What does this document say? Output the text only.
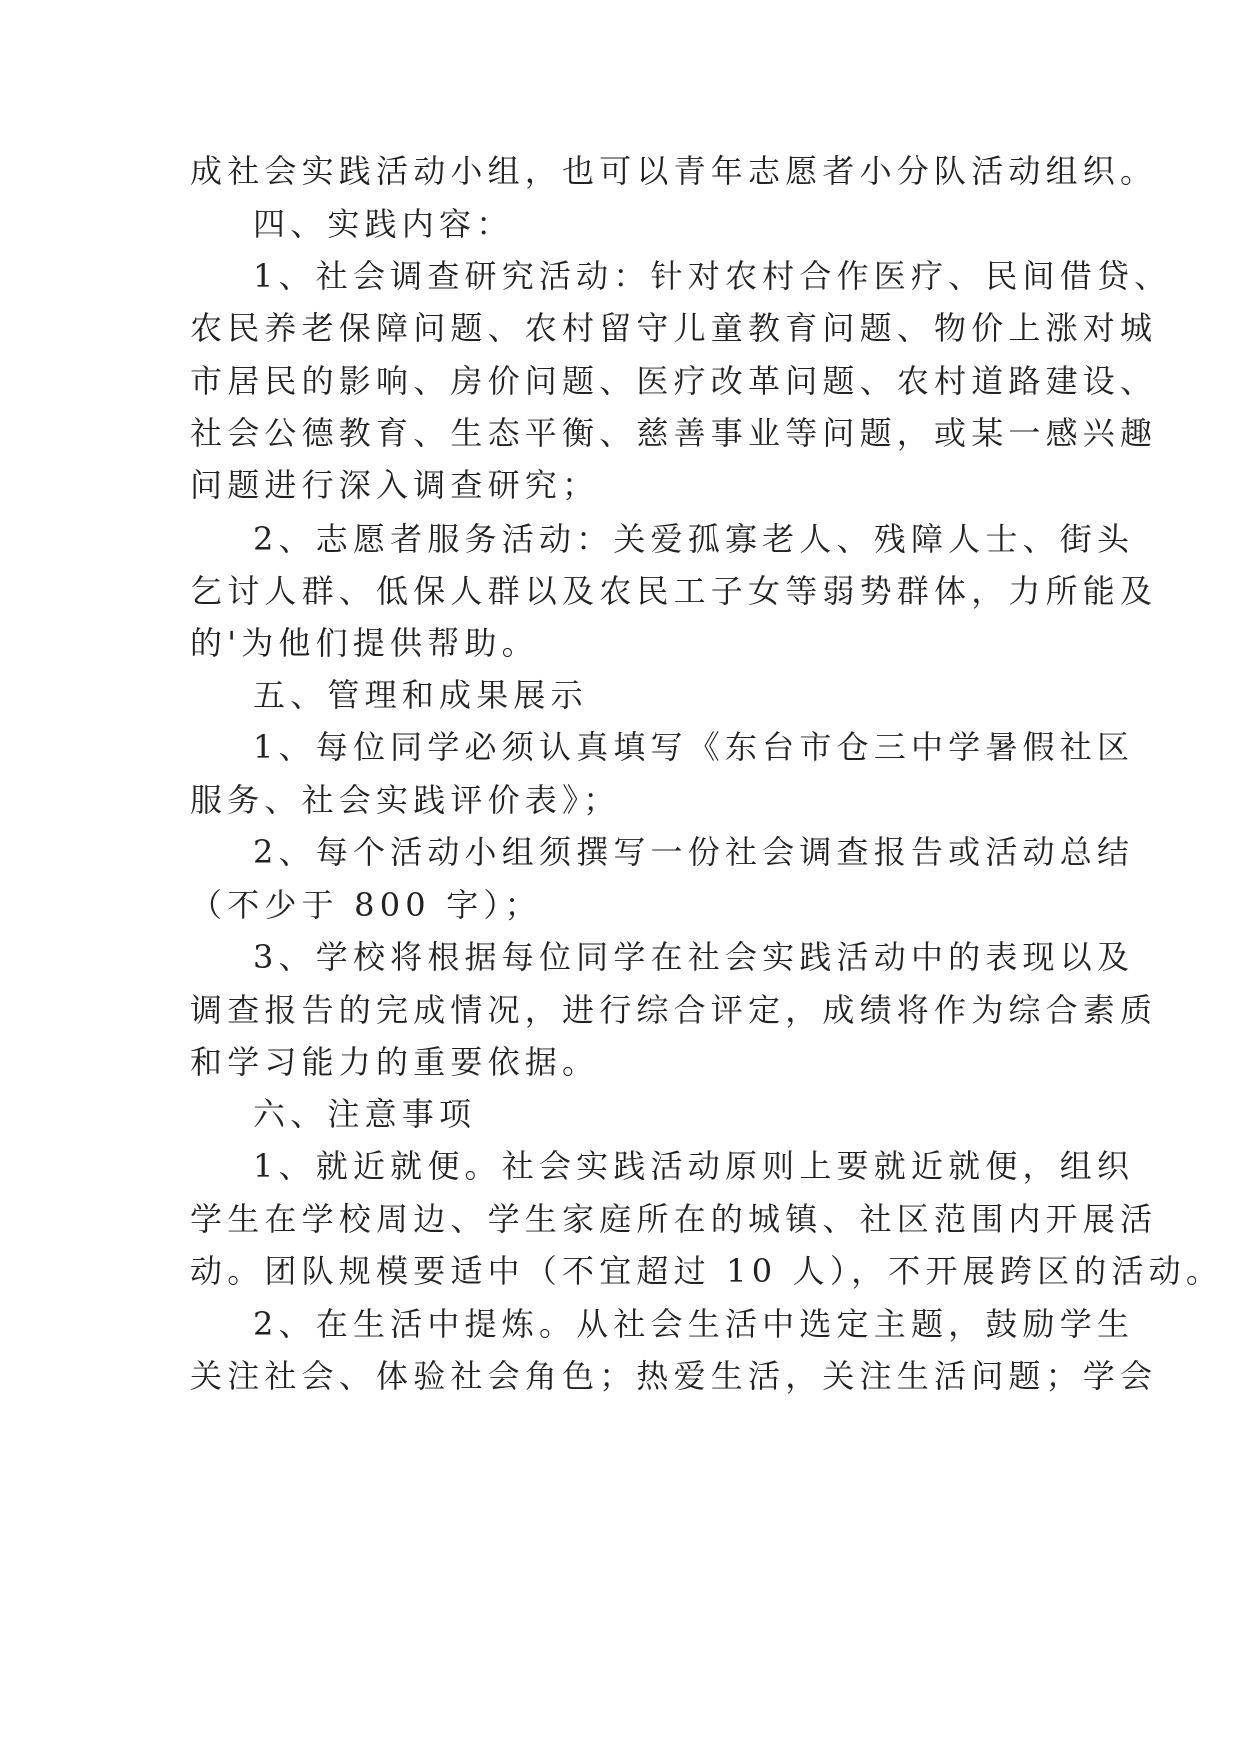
成社会实践活动小组，也可以青年志愿者小分队活动组织。
四、实践内容：
1、社会调查研究活动：针对农村合作医疗、民间借贷、
农民养老保障问题、农村留守儿童教育问题、物价上涨对城
市居民的影响、房价问题、医疗改革问题、农村道路建设、
社会公德教育、生态平衡、慈善事业等问题，或某一感兴趣
问题进行深入调查研究；
2、志愿者服务活动：关爱孤寡老人、残障人士、街头
乞讨人群、低保人群以及农民工子女等弱势群体，力所能及
的'为他们提供帮助。
五、管理和成果展示
1、每位同学必须认真填写《东台市仓三中学暑假社区
服务、社会实践评价表》；
2、每个活动小组须撰写一份社会调查报告或活动总结
（不少于 800 字）；
3、学校将根据每位同学在社会实践活动中的表现以及
调查报告的完成情况，进行综合评定，成绩将作为综合素质
和学习能力的重要依据。
六、注意事项
1、就近就便。社会实践活动原则上要就近就便，组织
学生在学校周边、学生家庭所在的城镇、社区范围内开展活
动。团队规模要适中（不宜超过 10 人），不开展跨区的活动。
2、在生活中提炼。从社会生活中选定主题，鼓励学生
关注社会、体验社会角色；热爱生活，关注生活问题；学会
